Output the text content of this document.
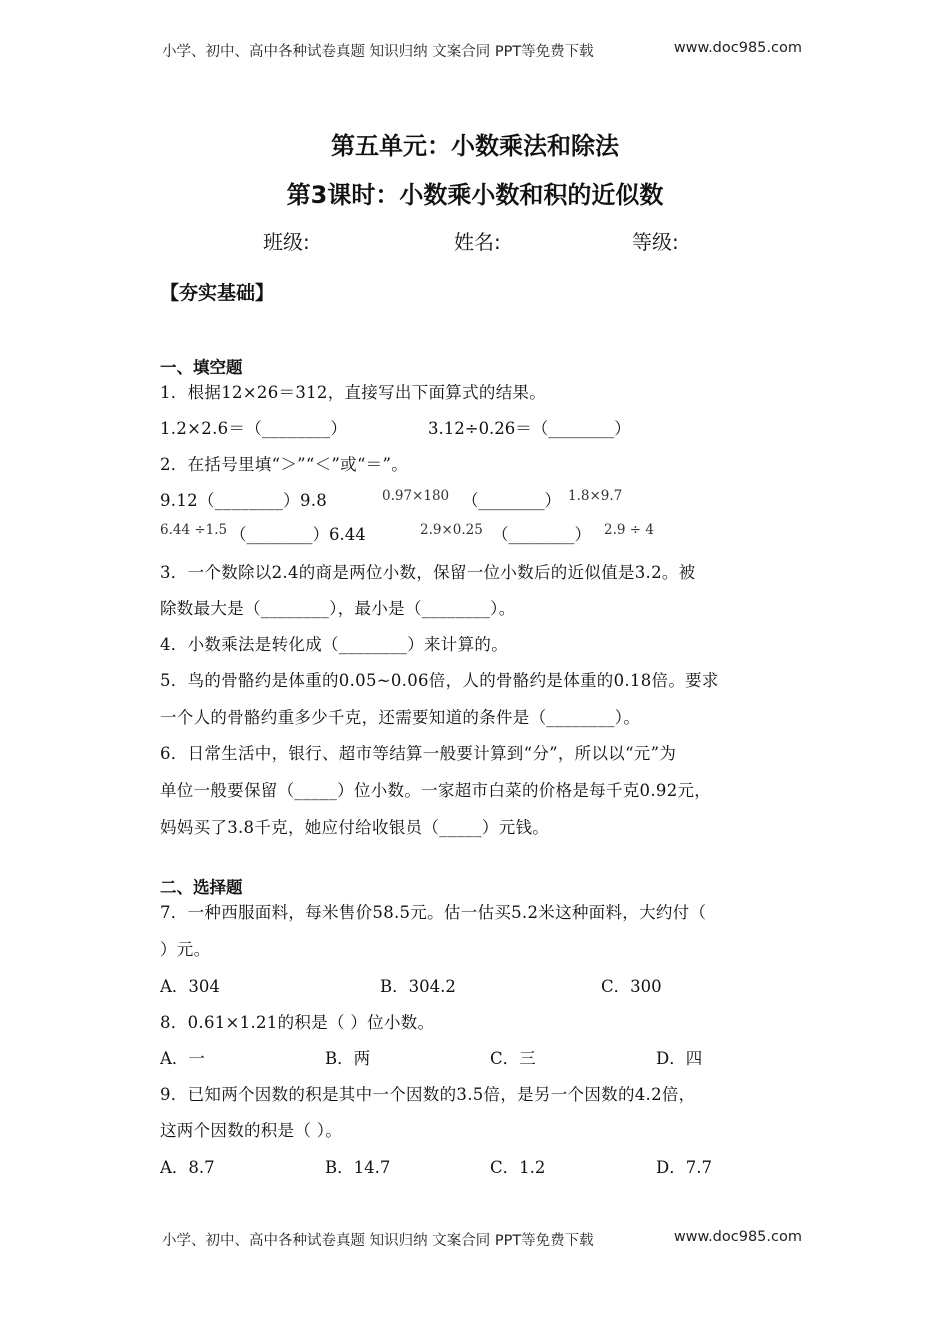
小学、初中、高中各种试卷真题 知识归纳 文案合同 PPT等免费下载	www.doc985.com
第五单元：小数乘法和除法
第3课时：小数乘小数和积的近似数
班级:	姓名:	等级:
【夯实基础】
一、填空题
1．根据12×26＝312，直接写出下面算式的结果。
1.2×2.6＝（________）	3.12÷0.26＝（________）
2．在括号里填“＞”“＜”或“＝”。
9.12（________）9.8	0.97×180 （________） 1.8×9.7
6.44 ÷1.5 （________）6.44	2.9×0.25 （________） 2.9 ÷ 4
3．一个数除以2.4的商是两位小数，保留一位小数后的近似值是3.2。被
除数最大是（________），最小是（________）。
4．小数乘法是转化成（________）来计算的。
5．鸟的骨骼约是体重的0.05~0.06倍，人的骨骼约是体重的0.18倍。要求
一个人的骨骼约重多少千克，还需要知道的条件是（________）。
6．日常生活中，银行、超市等结算一般要计算到“分”，所以以“元”为
单位一般要保留（_____）位小数。一家超市白菜的价格是每千克0.92元，
妈妈买了3.8千克，她应付给收银员（_____）元钱。
二、选择题
7．一种西服面料，每米售价58.5元。估一估买5.2米这种面料，大约付（
）元。
A．304	B．304.2	C．300
8．0.61×1.21的积是（ ）位小数。
A．一	B．两	C．三	D．四
9．已知两个因数的积是其中一个因数的3.5倍，是另一个因数的4.2倍，
这两个因数的积是（ ）。
A．8.7	B．14.7	C．1.2	D．7.7
小学、初中、高中各种试卷真题 知识归纳 文案合同 PPT等免费下载	www.doc985.com
